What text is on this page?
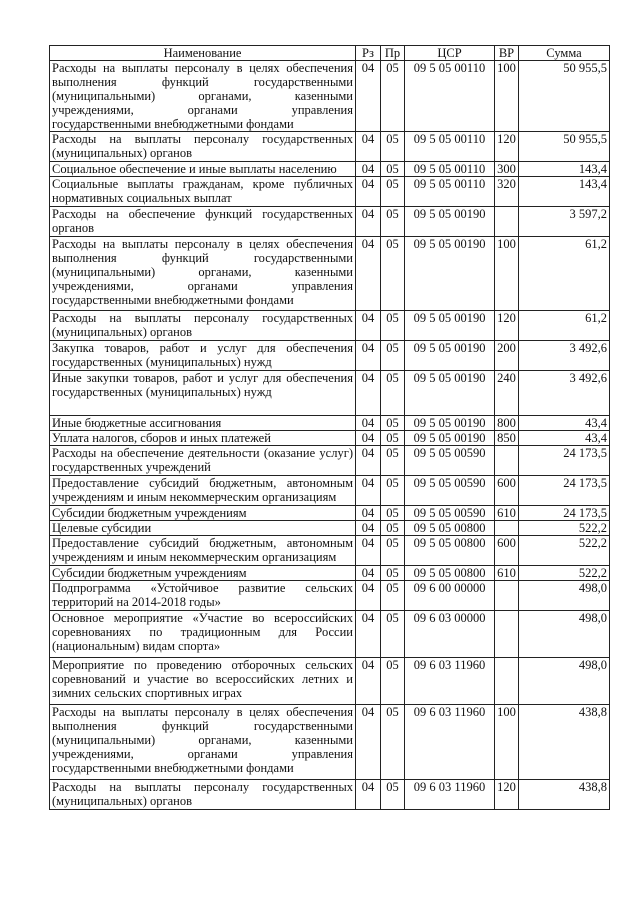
Наименование	Рз	Пр	ЦСР	ВР	Сумма
Расходы на выплаты персоналу в целях обеспечения выполнения функций государственными (муниципальными) органами, казенными учреждениями, органами управления государственными внебюджетными фондами	04	05	09 5 05 00110	100	50 955,5
Расходы на выплаты персоналу государственных (муниципальных) органов	04	05	09 5 05 00110	120	50 955,5
Социальное обеспечение и иные выплаты населению	04	05	09 5 05 00110	300	143,4
Социальные выплаты гражданам, кроме публичных нормативных социальных выплат	04	05	09 5 05 00110	320	143,4
Расходы на обеспечение функций государственных органов	04	05	09 5 05 00190		3 597,2
Расходы на выплаты персоналу в целях обеспечения выполнения функций государственными (муниципальными) органами, казенными учреждениями, органами управления государственными внебюджетными фондами	04	05	09 5 05 00190	100	61,2
Расходы на выплаты персоналу государственных (муниципальных) органов	04	05	09 5 05 00190	120	61,2
Закупка товаров, работ и услуг для обеспечения государственных (муниципальных) нужд	04	05	09 5 05 00190	200	3 492,6
Иные закупки товаров, работ и услуг для обеспечения государственных (муниципальных) нужд	04	05	09 5 05 00190	240	3 492,6
Иные бюджетные ассигнования	04	05	09 5 05 00190	800	43,4
Уплата налогов, сборов и иных платежей	04	05	09 5 05 00190	850	43,4
Расходы на обеспечение деятельности (оказание услуг) государственных учреждений	04	05	09 5 05 00590		24 173,5
Предоставление субсидий бюджетным, автономным учреждениям и иным некоммерческим организациям	04	05	09 5 05 00590	600	24 173,5
Субсидии бюджетным учреждениям	04	05	09 5 05 00590	610	24 173,5
Целевые субсидии	04	05	09 5 05 00800		522,2
Предоставление субсидий бюджетным, автономным учреждениям и иным некоммерческим организациям	04	05	09 5 05 00800	600	522,2
Субсидии бюджетным учреждениям	04	05	09 5 05 00800	610	522,2
Подпрограмма «Устойчивое развитие сельских территорий на 2014-2018 годы»	04	05	09 6 00 00000		498,0
Основное мероприятие «Участие во всероссийских соревнованиях по традиционным для России (национальным) видам спорта»	04	05	09 6 03 00000		498,0
Мероприятие по проведению отборочных сельских соревнований и участие во всероссийских летних и зимних сельских спортивных играх	04	05	09 6 03 11960		498,0
Расходы на выплаты персоналу в целях обеспечения выполнения функций государственными (муниципальными) органами, казенными учреждениями, органами управления государственными внебюджетными фондами	04	05	09 6 03 11960	100	438,8
Расходы на выплаты персоналу государственных (муниципальных) органов	04	05	09 6 03 11960	120	438,8
